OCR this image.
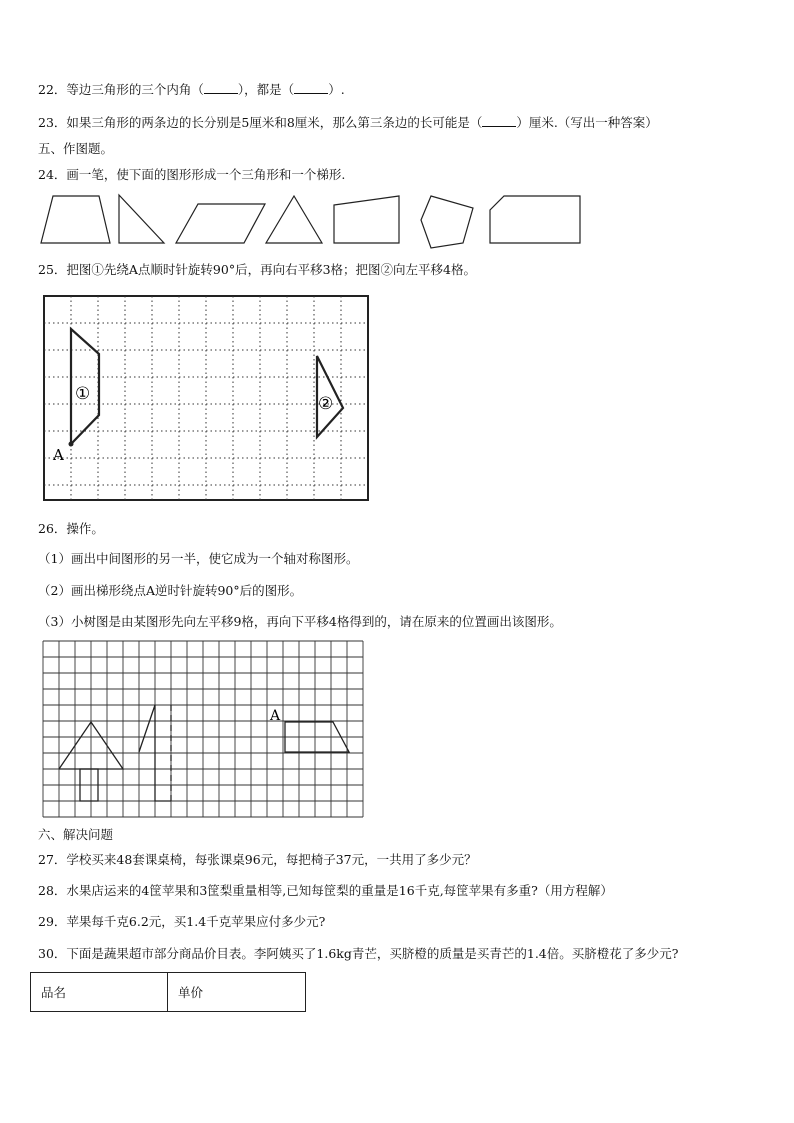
22．等边三角形的三个内角（	），都是（	）.
23．如果三角形的两条边的长分别是5厘米和8厘米，那么第三条边的长可能是（	）厘米.（写出一种答案）
五、作图题。
24．画一笔，使下面的图形形成一个三角形和一个梯形.
25．把图①先绕A点顺时针旋转90°后，再向右平移3格；把图②向左平移4格。
①	②
A
26．操作。
（1）画出中间图形的另一半，使它成为一个轴对称图形。
（2）画出梯形绕点A逆时针旋转90°后的图形。
（3）小树图是由某图形先向左平移9格，再向下平移4格得到的，请在原来的位置画出该图形。
A
六、解决问题
27．学校买来48套课桌椅，每张课桌96元，每把椅子37元，一共用了多少元？
28．水果店运来的4筐苹果和3筐梨重量相等,已知每筐梨的重量是16千克,每筐苹果有多重?（用方程解）
29．苹果每千克6.2元，买1.4千克苹果应付多少元?
30．下面是蔬果超市部分商品价目表。李阿姨买了1.6kg青芒，买脐橙的质量是买青芒的1.4倍。买脐橙花了多少元?
品名	单价
